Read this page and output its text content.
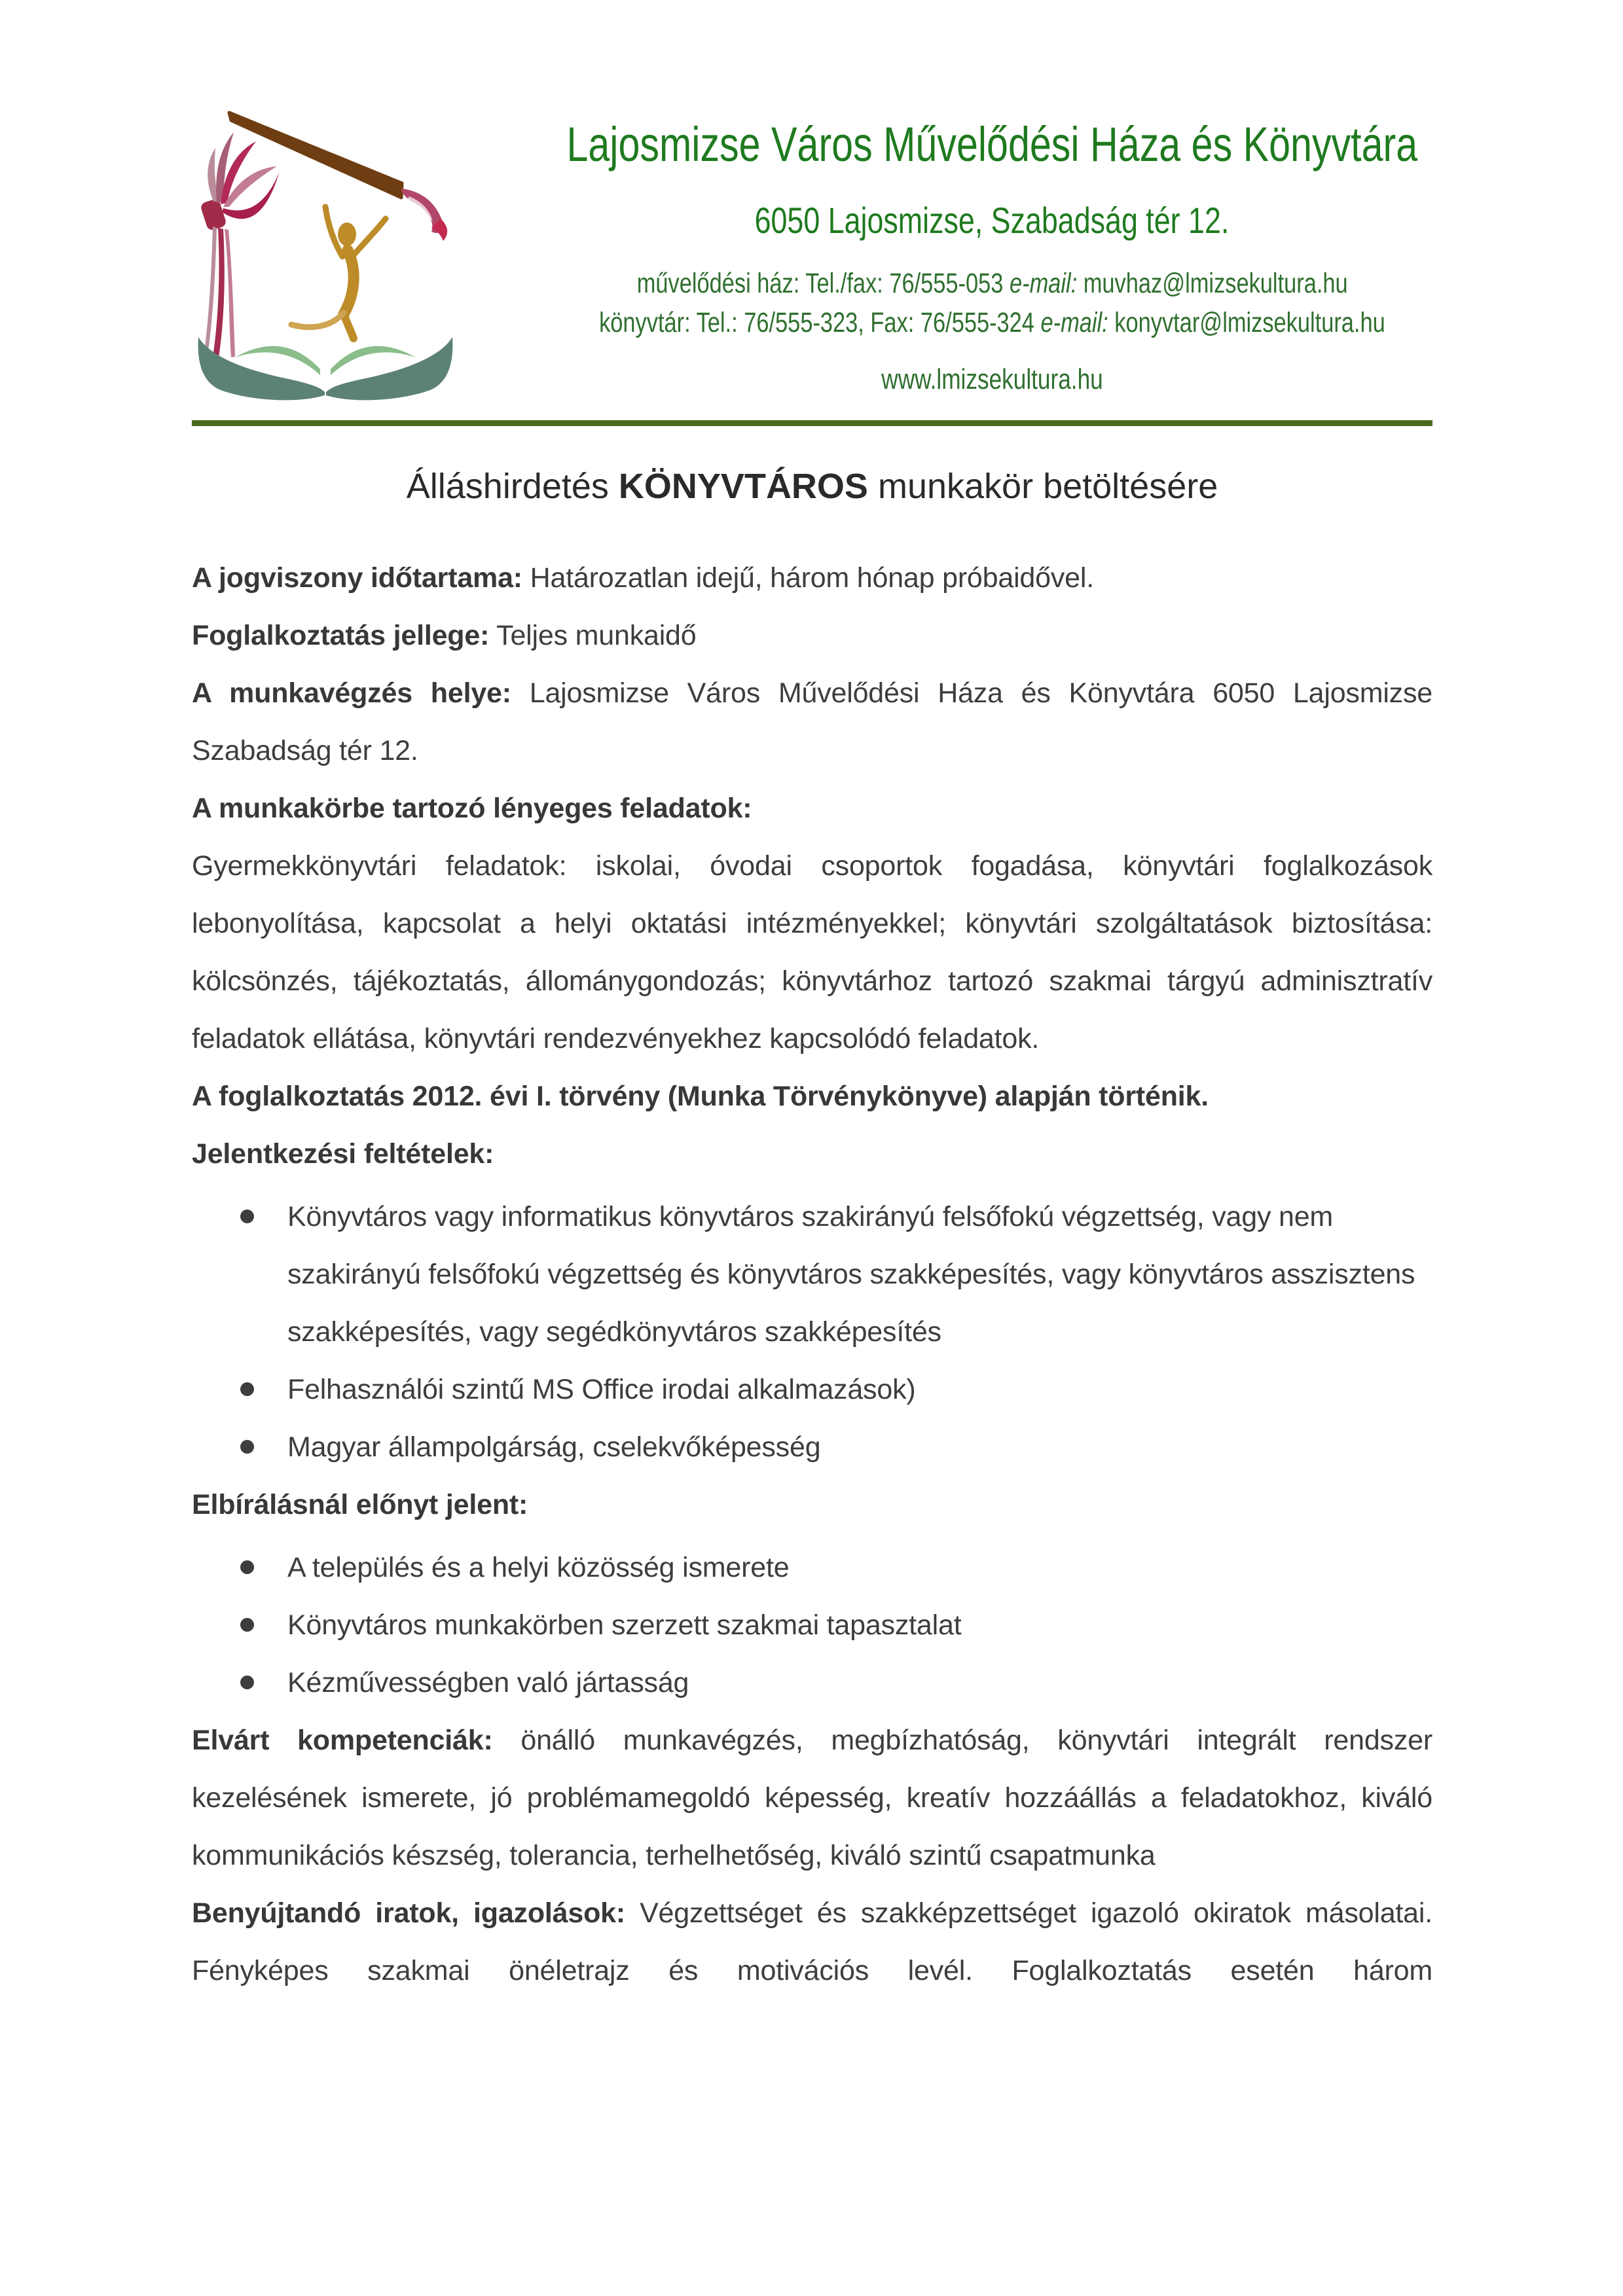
Lajosmizse Város Művelődési Háza és Könyvtára
6050 Lajosmizse, Szabadság tér 12.
művelődési ház: Tel./fax: 76/555-053 e-mail: muvhaz@lmizsekultura.hu
könyvtár: Tel.: 76/555-323, Fax: 76/555-324 e-mail: konyvtar@lmizsekultura.hu
www.lmizsekultura.hu
Álláshirdetés KÖNYVTÁROS munkakör betöltésére

A jogviszony időtartama: Határozatlan idejű, három hónap próbaidővel.

Foglalkoztatás jellege: Teljes munkaidő

A munkavégzés helye: Lajosmizse Város Művelődési Háza és Könyvtára 6050 Lajosmizse Szabadság tér 12.

A munkakörbe tartozó lényeges feladatok:

Gyermekkönyvtári feladatok: iskolai, óvodai csoportok fogadása, könyvtári foglalkozások lebonyolítása, kapcsolat a helyi oktatási intézményekkel; könyvtári szolgáltatások biztosítása: kölcsönzés, tájékoztatás, állománygondozás; könyvtárhoz tartozó szakmai tárgyú adminisztratív feladatok ellátása, könyvtári rendezvényekhez kapcsolódó feladatok.

A foglalkoztatás 2012. évi I. törvény (Munka Törvénykönyve) alapján történik.

Jelentkezési feltételek:

Könyvtáros vagy informatikus könyvtáros szakirányú felsőfokú végzettség, vagy nem szakirányú felsőfokú végzettség és könyvtáros szakképesítés, vagy könyvtáros asszisztens szakképesítés, vagy segédkönyvtáros szakképesítés
Felhasználói szintű MS Office irodai alkalmazások)
Magyar állampolgárság, cselekvőképesség

Elbírálásnál előnyt jelent:

A település és a helyi közösség ismerete
Könyvtáros munkakörben szerzett szakmai tapasztalat
Kézművességben való jártasság

Elvárt kompetenciák: önálló munkavégzés, megbízhatóság, könyvtári integrált rendszer kezelésének ismerete, jó problémamegoldó képesség, kreatív hozzáállás a feladatokhoz, kiváló kommunikációs készség, tolerancia, terhelhetőség, kiváló szintű csapatmunka

Benyújtandó iratok, igazolások: Végzettséget és szakképzettséget igazoló okiratok másolatai. Fényképes szakmai önéletrajz és motivációs levél. Foglalkoztatás esetén három
